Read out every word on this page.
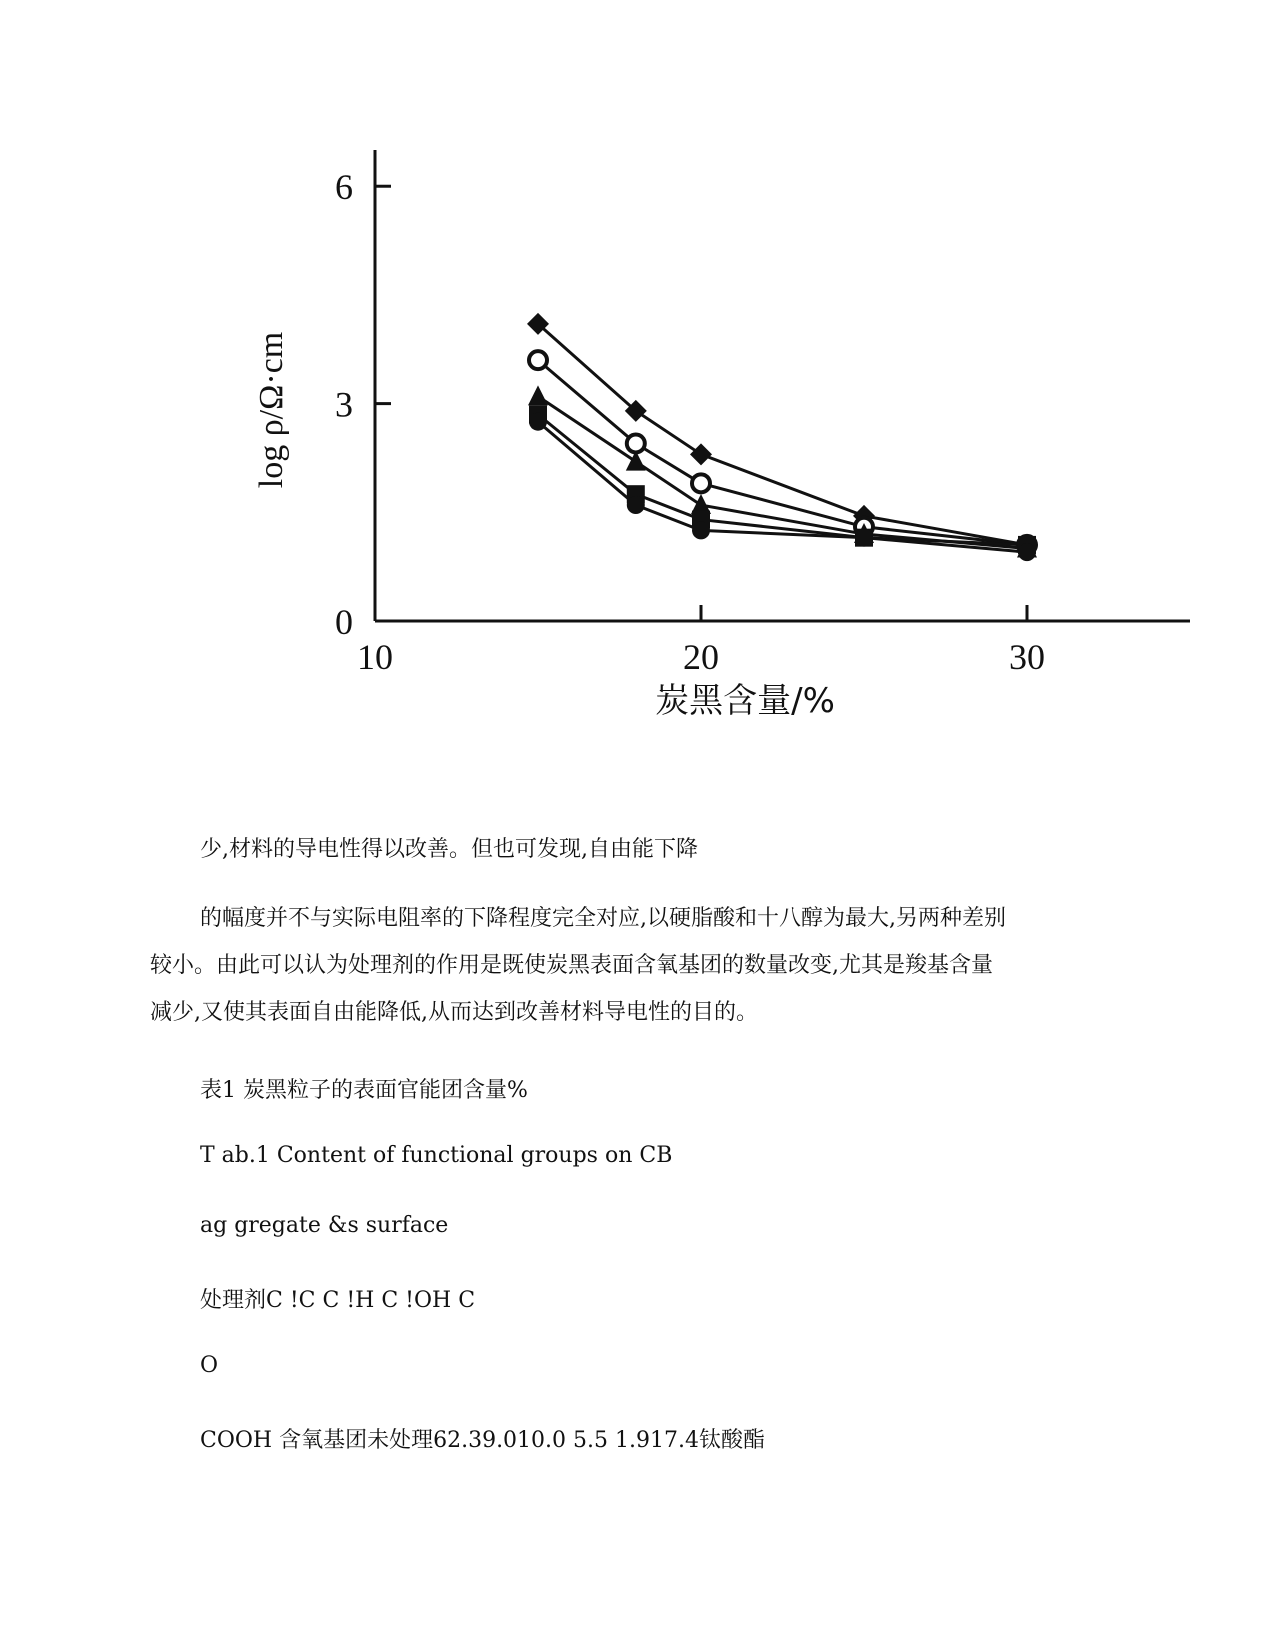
10	20	30
0
3
6
炭黑含量/%
log ρ/Ω·cm

少,材料的导电性得以改善。但也可发现,自由能下降

的幅度并不与实际电阻率的下降程度完全对应,以硬脂酸和十八醇为最大,另两种差别
较小。由此可以认为处理剂的作用是既使炭黑表面含氧基团的数量改变,尤其是羧基含量
减少,又使其表面自由能降低,从而达到改善材料导电性的目的。

表1 炭黑粒子的表面官能团含量%

T ab.1 Content of functional groups on CB

ag gregate &s surface

处理剂C !C C !H C !OH C

O

COOH 含氧基团未处理62.39.010.0 5.5 1.917.4钛酸酯
